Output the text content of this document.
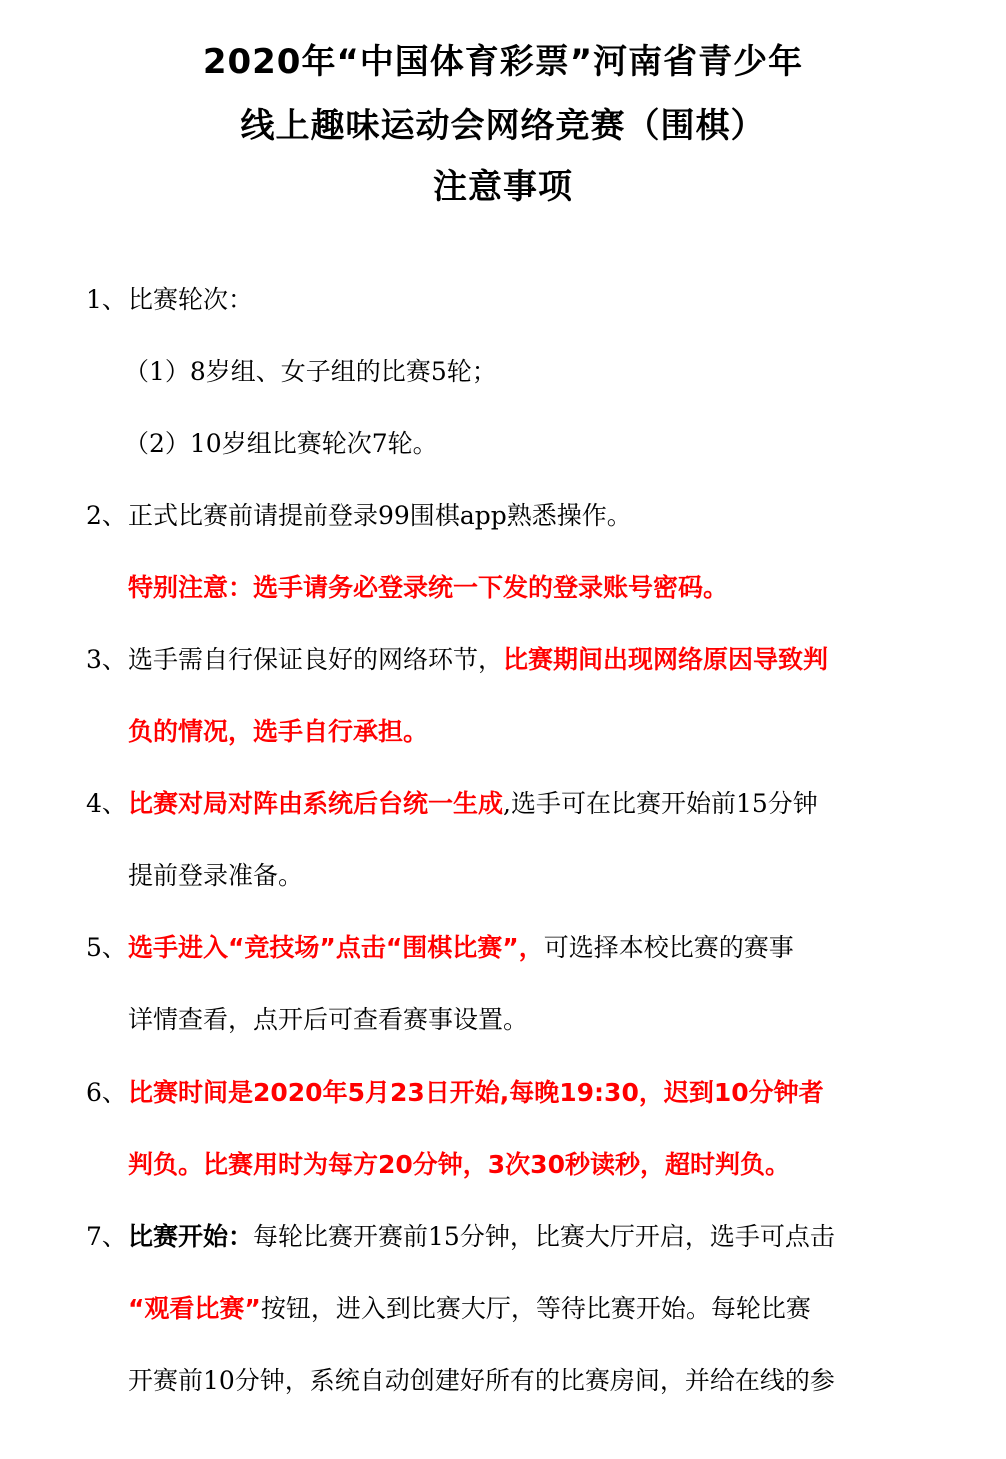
2020年“中国体育彩票”河南省青少年
线上趣味运动会网络竞赛（围棋）
注意事项
1、比赛轮次：
（1）8岁组、女子组的比赛5轮；
（2）10岁组比赛轮次7轮。
2、正式比赛前请提前登录99围棋app熟悉操作。
特别注意：选手请务必登录统一下发的登录账号密码。
3、选手需自行保证良好的网络环节，比赛期间出现网络原因导致判
负的情况，选手自行承担。
4、比赛对局对阵由系统后台统一生成,选手可在比赛开始前15分钟
提前登录准备。
5、选手进入“竞技场”点击“围棋比赛”，可选择本校比赛的赛事
详情查看，点开后可查看赛事设置。
6、比赛时间是2020年5月23日开始,每晚19:30，迟到10分钟者
判负。比赛用时为每方20分钟，3次30秒读秒，超时判负。
7、比赛开始：每轮比赛开赛前15分钟，比赛大厅开启，选手可点击
“观看比赛”按钮，进入到比赛大厅，等待比赛开始。每轮比赛
开赛前10分钟，系统自动创建好所有的比赛房间，并给在线的参
